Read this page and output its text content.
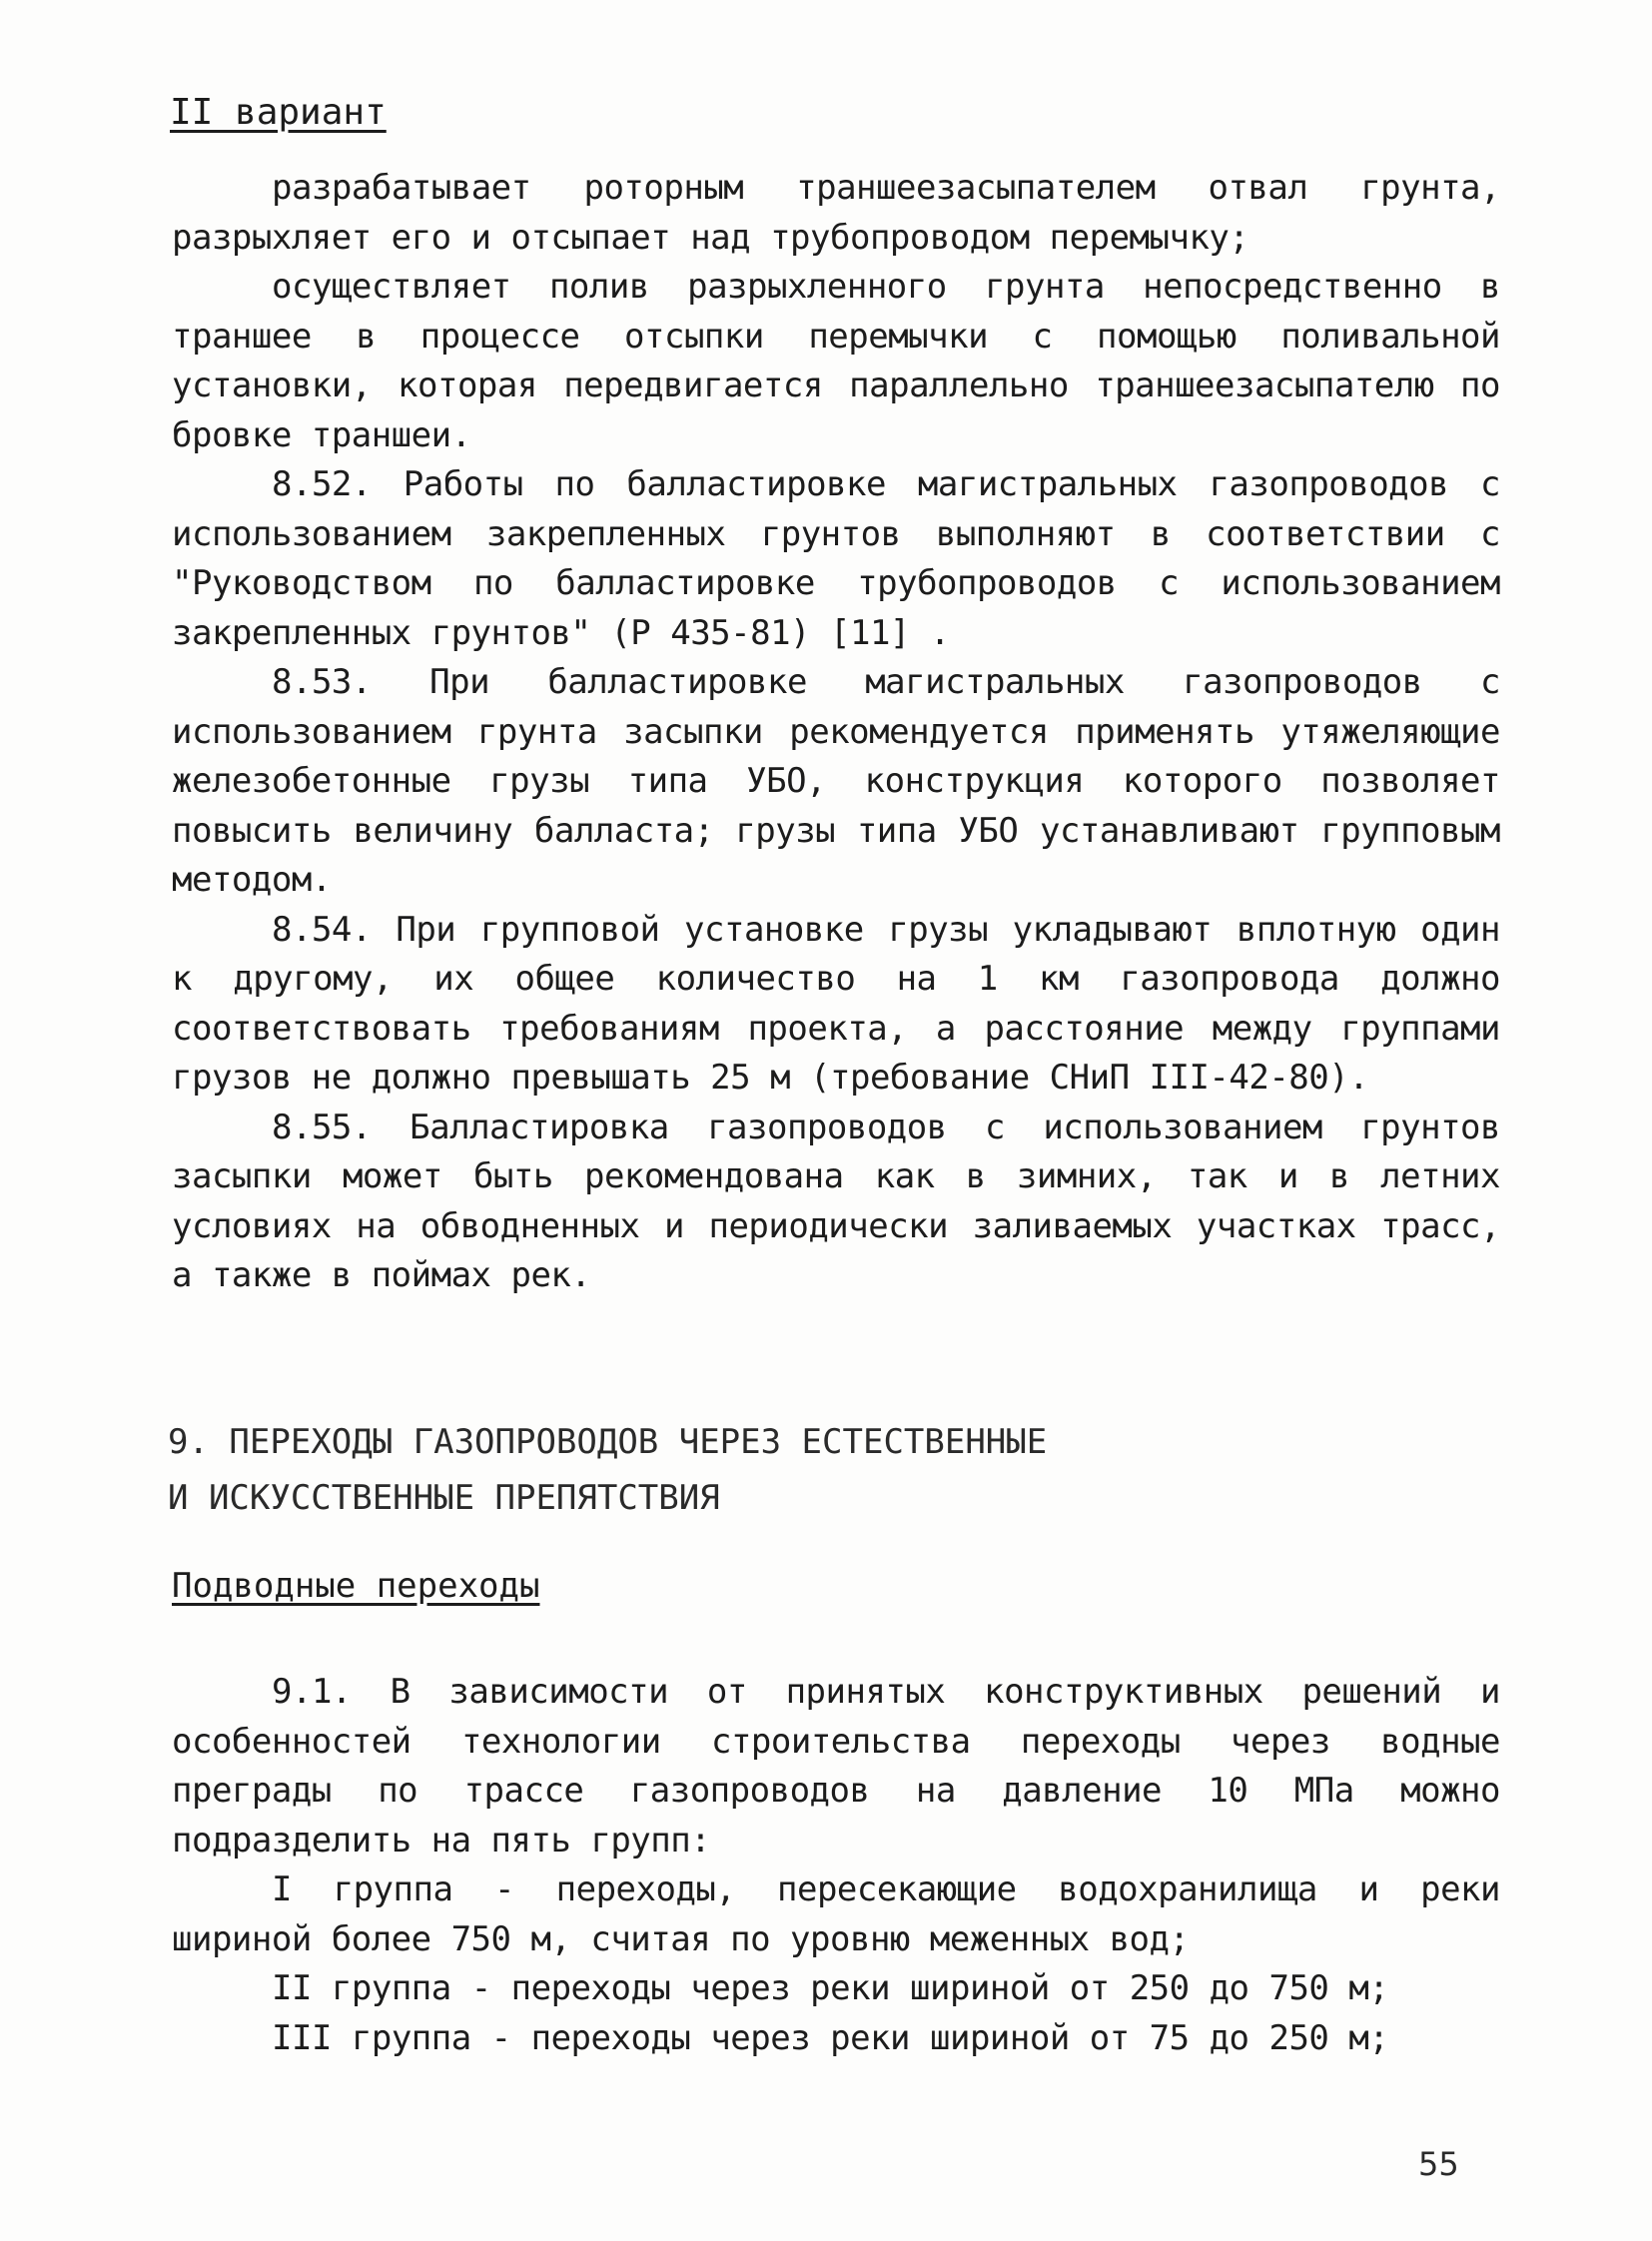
II вариант

разрабатывает роторным траншеезасыпателем отвал грунта, разрыхляет его и отсыпает над трубопроводом перемычку;

осуществляет полив разрыхленного грунта непосредственно в траншее в процессе отсыпки перемычки с помощью поливальной установки, которая передвигается параллельно траншеезасыпателю по бровке траншеи.

8.52. Работы по балластировке магистральных газопроводов с использованием закрепленных грунтов выполняют в соответствии с "Руководством по балластировке трубопроводов с использованием закрепленных грунтов" (Р 435-81) [11] .

8.53. При балластировке магистральных газопроводов с использованием грунта засыпки рекомендуется применять утяжеляющие железобетонные грузы типа УБО, конструкция которого позволяет повысить величину балласта; грузы типа УБО устанавливают групповым методом.

8.54. При групповой установке грузы укладывают вплотную один к другому, их общее количество на 1 км газопровода должно соответствовать требованиям проекта, а расстояние между группами грузов не должно превышать 25 м (требование СНиП III-42-80).

8.55. Балластировка газопроводов с использованием грунтов засыпки может быть рекомендована как в зимних, так и в летних условиях на обводненных и периодически заливаемых участках трасс, а также в поймах рек.

9. ПЕРЕХОДЫ ГАЗОПРОВОДОВ ЧЕРЕЗ ЕСТЕСТВЕННЫЕ
И ИСКУССТВЕННЫЕ ПРЕПЯТСТВИЯ
Подводные переходы

9.1. В зависимости от принятых конструктивных решений и особенностей технологии строительства переходы через водные преграды по трассе газопроводов на давление 10 МПа можно подразделить на пять групп:

I группа - переходы, пересекающие водохранилища и реки шириной более 750 м, считая по уровню меженных вод;

II группа - переходы через реки шириной от 250 до 750 м;

III группа - переходы через реки шириной от 75 до 250 м;

55
